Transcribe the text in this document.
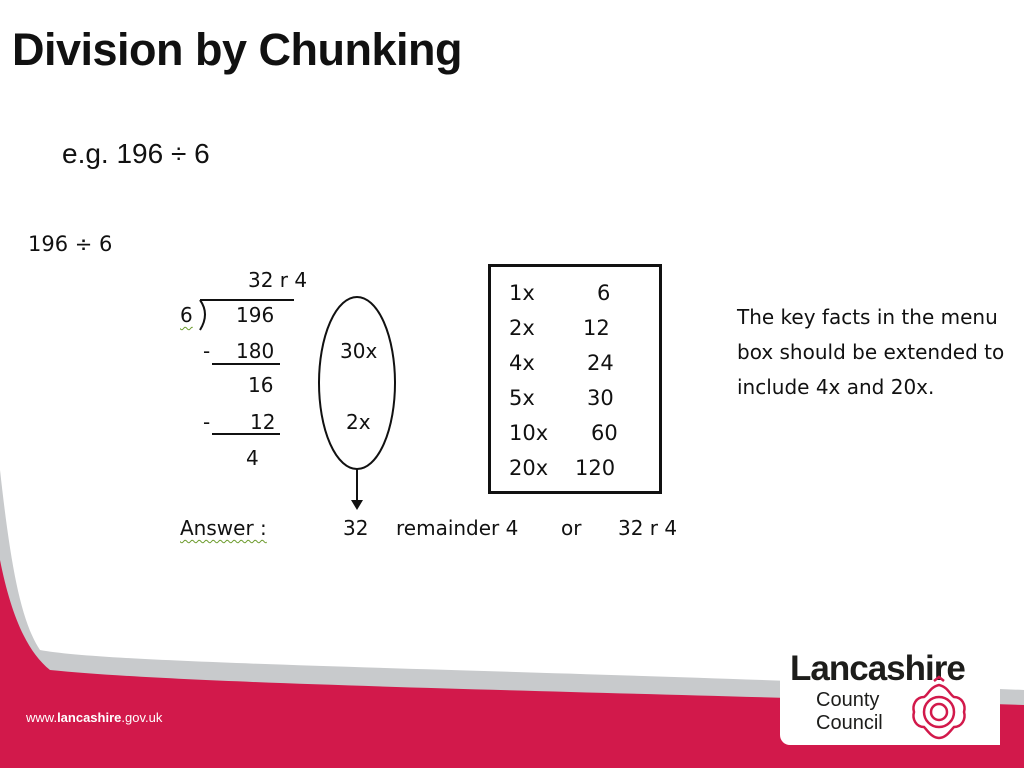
Division by Chunking
e.g. 196 ÷ 6
196 ÷ 6
32 r 4
6 196
- 180
16
- 12
4
30x
2x
Answer :	32 remainder 4 or 32 r 4
1x	6
2x 12
4x 24
5x 30
10x 60
20x 120
The key facts in the menu box should be extended to include 4x and 20x.
www.lancashire.gov.uk
Lancashire
County
Council
